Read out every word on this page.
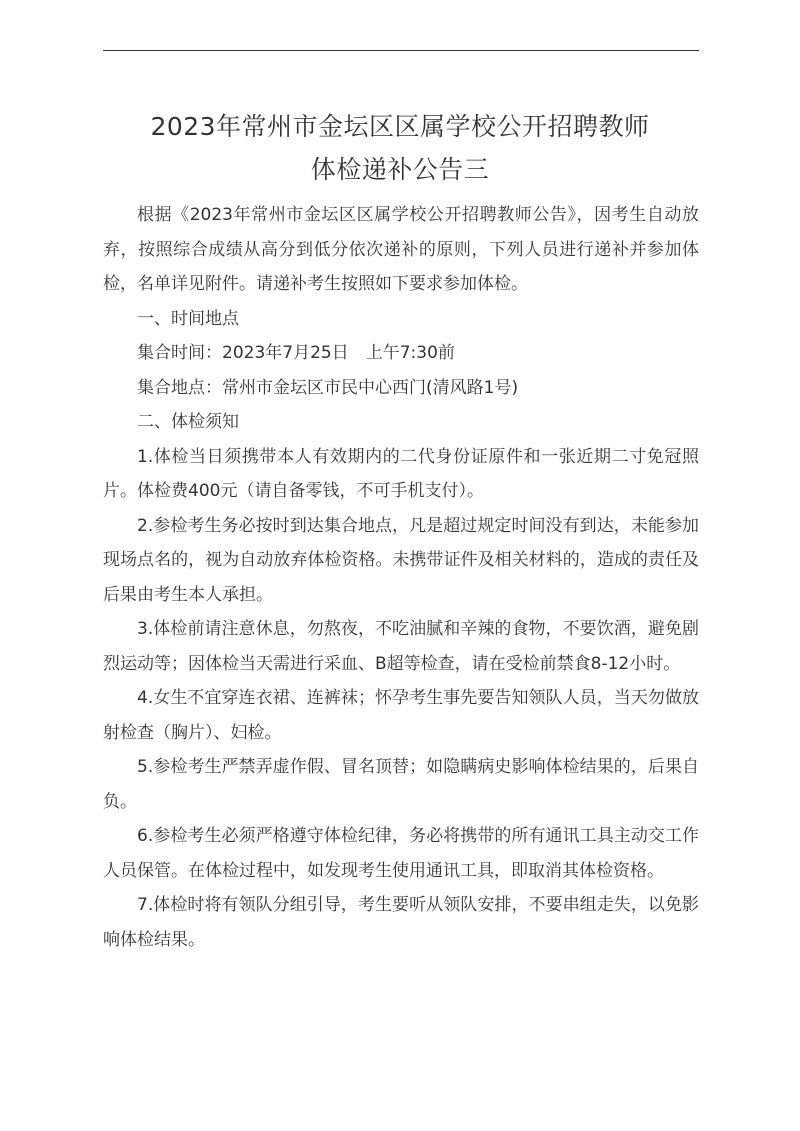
2023年常州市金坛区区属学校公开招聘教师
体检递补公告三

根据《2023年常州市金坛区区属学校公开招聘教师公告》，因考生自动放弃，按照综合成绩从高分到低分依次递补的原则，下列人员进行递补并参加体检，名单详见附件。请递补考生按照如下要求参加体检。

一、时间地点

集合时间：2023年7月25日　上午7:30前

集合地点：常州市金坛区市民中心西门(清风路1号)

二、体检须知

1.体检当日须携带本人有效期内的二代身份证原件和一张近期二寸免冠照片。体检费400元（请自备零钱，不可手机支付）。

2.参检考生务必按时到达集合地点，凡是超过规定时间没有到达，未能参加现场点名的，视为自动放弃体检资格。未携带证件及相关材料的，造成的责任及后果由考生本人承担。

3.体检前请注意休息，勿熬夜，不吃油腻和辛辣的食物，不要饮酒，避免剧烈运动等；因体检当天需进行采血、B超等检查，请在受检前禁食8-12小时。

4.女生不宜穿连衣裙、连裤袜；怀孕考生事先要告知领队人员，当天勿做放射检查（胸片）、妇检。

5.参检考生严禁弄虚作假、冒名顶替；如隐瞒病史影响体检结果的，后果自负。

6.参检考生必须严格遵守体检纪律，务必将携带的所有通讯工具主动交工作人员保管。在体检过程中，如发现考生使用通讯工具，即取消其体检资格。

7.体检时将有领队分组引导，考生要听从领队安排，不要串组走失，以免影响体检结果。
